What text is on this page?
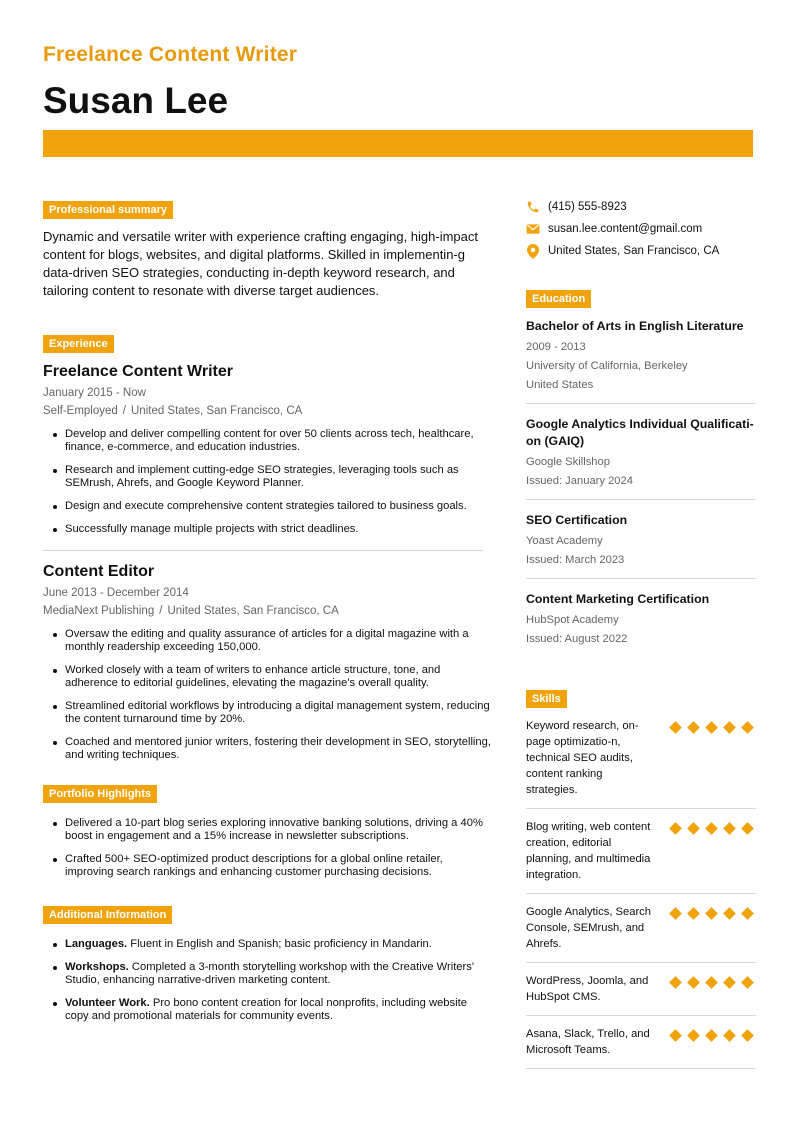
Freelance Content Writer
Susan Lee
Professional summary
Dynamic and versatile writer with experience crafting engaging, high-impact content for blogs, websites, and digital platforms. Skilled in implementin-g data-driven SEO strategies, conducting in-depth keyword research, and tailoring content to resonate with diverse target audiences.
Experience
Freelance Content Writer
January 2015 - Now
Self-Employed / United States, San Francisco, CA
Develop and deliver compelling content for over 50 clients across tech, healthcare, finance, e-commerce, and education industries.
Research and implement cutting-edge SEO strategies, leveraging tools such as SEMrush, Ahrefs, and Google Keyword Planner.
Design and execute comprehensive content strategies tailored to business goals.
Successfully manage multiple projects with strict deadlines.
Content Editor
June 2013 - December 2014
MediaNext Publishing / United States, San Francisco, CA
Oversaw the editing and quality assurance of articles for a digital magazine with a monthly readership exceeding 150,000.
Worked closely with a team of writers to enhance article structure, tone, and adherence to editorial guidelines, elevating the magazine's overall quality.
Streamlined editorial workflows by introducing a digital management system, reducing the content turnaround time by 20%.
Coached and mentored junior writers, fostering their development in SEO, storytelling, and writing techniques.
Portfolio Highlights
Delivered a 10-part blog series exploring innovative banking solutions, driving a 40% boost in engagement and a 15% increase in newsletter subscriptions.
Crafted 500+ SEO-optimized product descriptions for a global online retailer, improving search rankings and enhancing customer purchasing decisions.
Additional Information
Languages. Fluent in English and Spanish; basic proficiency in Mandarin.
Workshops. Completed a 3-month storytelling workshop with the Creative Writers' Studio, enhancing narrative-driven marketing content.
Volunteer Work. Pro bono content creation for local nonprofits, including website copy and promotional materials for community events.
(415) 555-8923
susan.lee.content@gmail.com
United States, San Francisco, CA
Education
Bachelor of Arts in English Literature
2009 - 2013
University of California, Berkeley
United States
Google Analytics Individual Qualificati-on (GAIQ)
Google Skillshop
Issued: January 2024
SEO Certification
Yoast Academy
Issued: March 2023
Content Marketing Certification
HubSpot Academy
Issued: August 2022
Skills
Keyword research, on-page optimizatio-n, technical SEO audits, content ranking strategies.
Blog writing, web content creation, editorial planning, and multimedia integration.
Google Analytics, Search Console, SEMrush, and Ahrefs.
WordPress, Joomla, and HubSpot CMS.
Asana, Slack, Trello, and Microsoft Teams.
